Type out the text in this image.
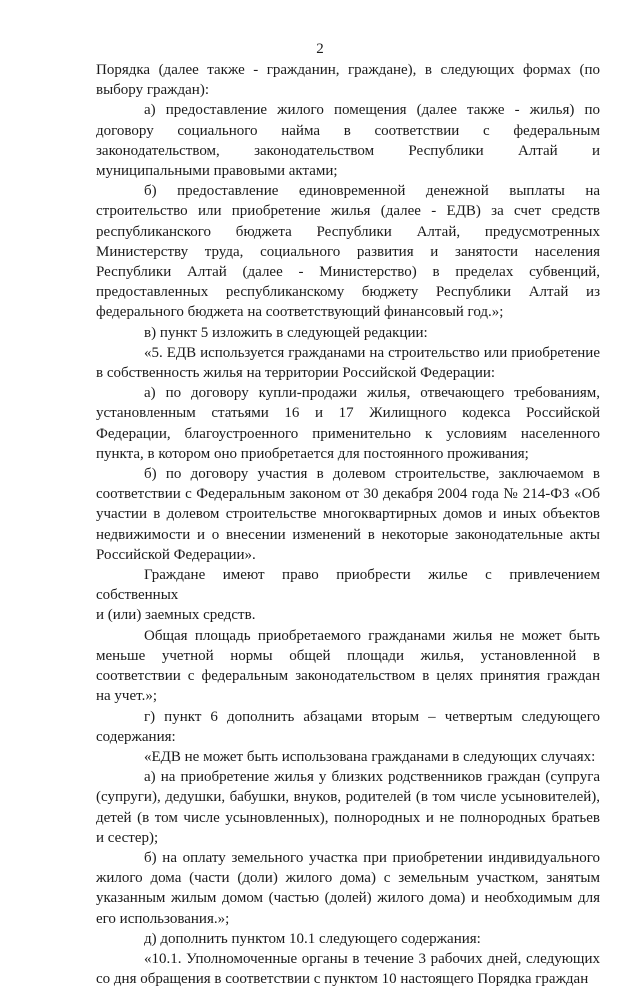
2

Порядка (далее также - гражданин, граждане), в следующих формах (по

выбору граждан):

а) предоставление жилого помещения (далее также - жилья) по

договору социального найма в соответствии с федеральным

законодательством, законодательством Республики Алтай и

муниципальными правовыми актами;

б) предоставление единовременной денежной выплаты на

строительство или приобретение жилья (далее - ЕДВ) за счет средств

республиканского бюджета Республики Алтай, предусмотренных

Министерству труда, социального развития и занятости населения

Республики Алтай (далее - Министерство) в пределах субвенций,

предоставленных республиканскому бюджету Республики Алтай из

федерального бюджета на соответствующий финансовый год.»;

в) пункт 5 изложить в следующей редакции:

«5. ЕДВ используется гражданами на строительство или приобретение

в собственность жилья на территории Российской Федерации:

а) по договору купли-продажи жилья, отвечающего требованиям,

установленным статьями 16 и 17 Жилищного кодекса Российской

Федерации, благоустроенного применительно к условиям населенного

пункта, в котором оно приобретается для постоянного проживания;

б) по договору участия в долевом строительстве, заключаемом в

соответствии с Федеральным законом от 30 декабря 2004 года № 214-ФЗ «Об

участии в долевом строительстве многоквартирных домов и иных объектов

недвижимости и о внесении изменений в некоторые законодательные акты

Российской Федерации».

Граждане имеют право приобрести жилье с привлечением собственных

и (или) заемных средств.

Общая площадь приобретаемого гражданами жилья не может быть

меньше учетной нормы общей площади жилья, установленной в

соответствии с федеральным законодательством в целях принятия граждан

на учет.»;

г) пункт 6 дополнить абзацами вторым – четвертым следующего

содержания:

«ЕДВ не может быть использована гражданами в следующих случаях:

а) на приобретение жилья у близких родственников граждан (супруга

(супруги), дедушки, бабушки, внуков, родителей (в том числе усыновителей),

детей (в том числе усыновленных), полнородных и не полнородных братьев

и сестер);

б) на оплату земельного участка при приобретении индивидуального

жилого дома (части (доли) жилого дома) с земельным участком, занятым

указанным жилым домом (частью (долей) жилого дома) и необходимым для

его использования.»;

д) дополнить пунктом 10.1 следующего содержания:

«10.1. Уполномоченные органы в течение 3 рабочих дней, следующих

со дня обращения в соответствии с пунктом 10 настоящего Порядка граждан
